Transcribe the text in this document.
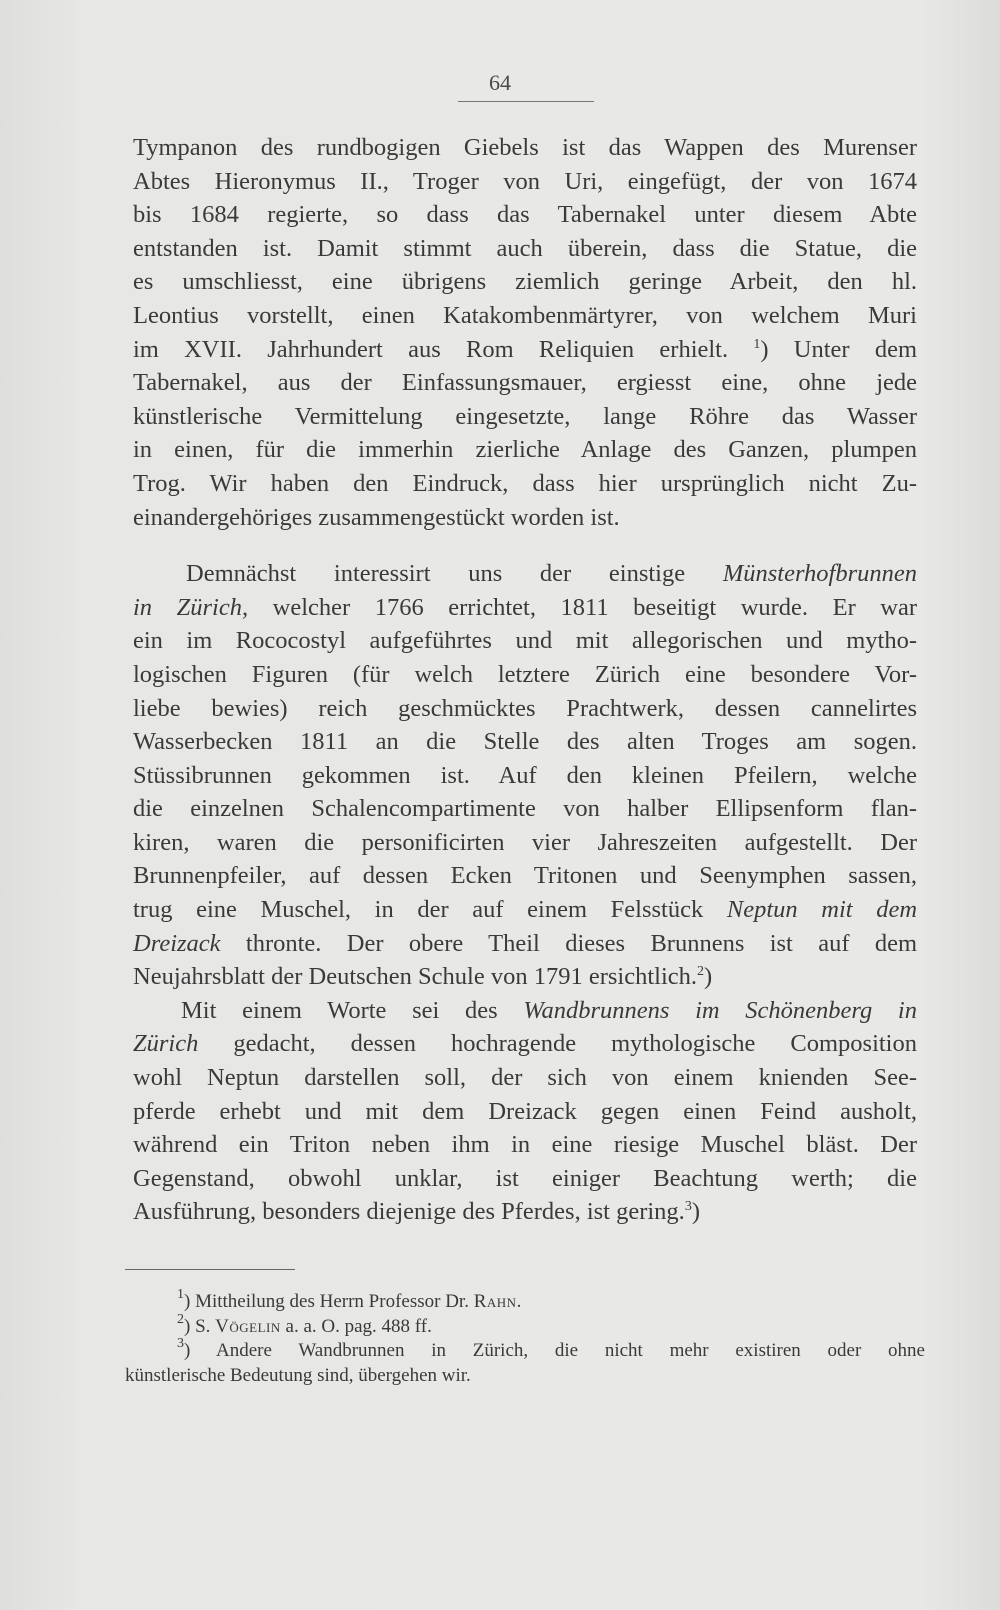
64
Tympanon des rundbogigen Giebels ist das Wappen des Murenser
Abtes Hieronymus II., Troger von Uri, eingefügt, der von 1674
bis 1684 regierte, so dass das Tabernakel unter diesem Abte
entstanden ist. Damit stimmt auch überein, dass die Statue, die
es umschliesst, eine übrigens ziemlich geringe Arbeit, den hl.
Leontius vorstellt, einen Katakombenmärtyrer, von welchem Muri
im XVII. Jahrhundert aus Rom Reliquien erhielt. $^1$) Unter dem
Tabernakel, aus der Einfassungsmauer, ergiesst eine, ohne jede
künstlerische Vermittelung eingesetzte, lange Röhre das Wasser
in einen, für die immerhin zierliche Anlage des Ganzen, plumpen
Trog. Wir haben den Eindruck, dass hier ursprünglich nicht Zu-
einandergehöriges zusammengestückt worden ist.
Demnächst interessirt uns der einstige Münsterhofbrunnen
in Zürich, welcher 1766 errichtet, 1811 beseitigt wurde. Er war
ein im Rococostyl aufgeführtes und mit allegorischen und mytho-
logischen Figuren (für welch letztere Zürich eine besondere Vor-
liebe bewies) reich geschmücktes Prachtwerk, dessen cannelirtes
Wasserbecken 1811 an die Stelle des alten Troges am sogen.
Stüssibrunnen gekommen ist. Auf den kleinen Pfeilern, welche
die einzelnen Schalencompartimente von halber Ellipsenform flan-
kiren, waren die personificirten vier Jahreszeiten aufgestellt. Der
Brunnenpfeiler, auf dessen Ecken Tritonen und Seenymphen sassen,
trug eine Muschel, in der auf einem Felsstück Neptun mit dem
Dreizack thronte. Der obere Theil dieses Brunnens ist auf dem
Neujahrsblatt der Deutschen Schule von 1791 ersichtlich.$^2$)
Mit einem Worte sei des Wandbrunnens im Schönenberg in
Zürich gedacht, dessen hochragende mythologische Composition
wohl Neptun darstellen soll, der sich von einem knienden See-
pferde erhebt und mit dem Dreizack gegen einen Feind ausholt,
während ein Triton neben ihm in eine riesige Muschel bläst. Der
Gegenstand, obwohl unklar, ist einiger Beachtung werth; die
Ausführung, besonders diejenige des Pferdes, ist gering.$^3$)
$^1$) Mittheilung des Herrn Professor Dr. Rahn.
$^2$) S. Vögelin a. a. O. pag. 488 ff.
$^3$) Andere Wandbrunnen in Zürich, die nicht mehr existiren oder ohne
künstlerische Bedeutung sind, übergehen wir.
